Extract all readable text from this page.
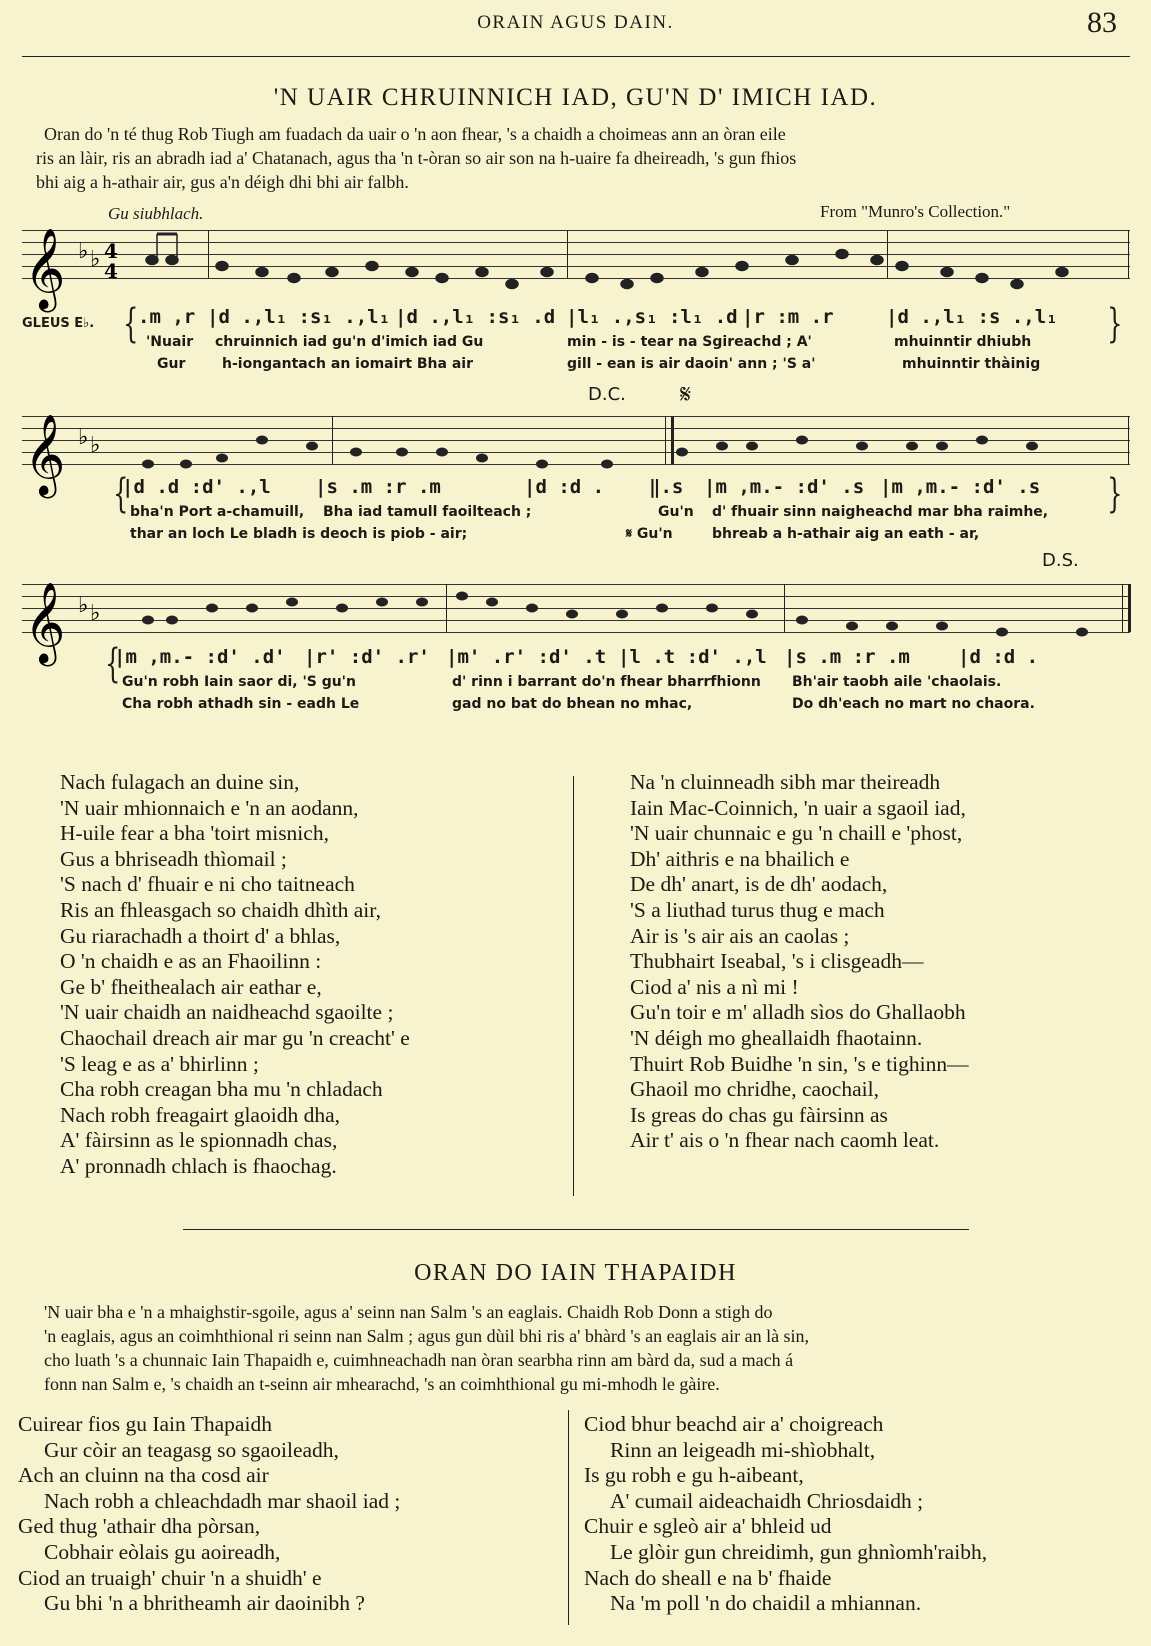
ORAIN AGUS DAIN.	83
'N UAIR CHRUINNICH IAD, GU'N D' IMICH IAD.
Oran do 'n té thug Rob Tiugh am fuadach da uair o 'n aon fhear, 's a chaidh a choimeas ann an òran eile
ris an làir, ris an abradh iad a' Chatanach, agus tha 'n t-òran so air son na h-uaire fa dheireadh, 's gun fhios
bhi aig a h-athair air, gus a'n déigh dhi bhi air falbh.
Gu siubhlach.	From "Munro's Collection."
𝄞 ♭ ♭ 4
4
GLEUS E♭. { .m ,r |d .,l₁ :s₁ .,l₁ |d .,l₁ :s₁ .d |l₁ .,s₁ :l₁ .d |r :m .r	|d .,l₁ :s .,l₁ }
'Nuair chruinnich iad gu'n d'imich iad Gu	min - is - tear na Sgireachd ; A'	mhuinntir dhiubh
Gur	h-iongantach an iomairt Bha air	gill - ean is air daoin' ann ; 'S a'	mhuinntir thàinig
D.C. 𝄋
𝄞 ♭ ♭
{
|d .d :d' .,l |s .m :r .m	|d :d . ‖.s |m ,m.- :d' .s |m ,m.- :d' .s }
bha'n Port a-chamuill, Bha iad tamull faoilteach ;	Gu'n d' fhuair sinn naigheachd mar bha raimhe,
thar an loch Le bladh is deoch is piob - air;	𝄋 Gu'n	bhreab a h-athair aig an eath - ar,
D.S.
𝄞 ♭ ♭
{
|m ,m.- :d' .d' |r' :d' .r' |m' .r' :d' .t |l .t :d' .,l |s .m :r .m	|d :d .
Gu'n robh Iain saor di, 'S gu'n	d' rinn i barrant do'n fhear bharrfhionn Bh'air taobh aile 'chaolais.
Cha robh athadh sin - eadh Le	gad no bat do bhean no mhac,	Do dh'each no mart no chaora.
Nach fulagach an duine sin,
'N uair mhionnaich e 'n an aodann,
H-uile fear a bha 'toirt misnich,
Gus a bhriseadh thìomail ;
'S nach d' fhuair e ni cho taitneach
Ris an fhleasgach so chaidh dhìth air,
Gu riarachadh a thoirt d' a bhlas,
O 'n chaidh e as an Fhaoilinn :
Ge b' fheithealach air eathar e,
'N uair chaidh an naidheachd sgaoilte ;
Chaochail dreach air mar gu 'n creacht' e
'S leag e as a' bhirlinn ;
Cha robh creagan bha mu 'n chladach
Nach robh freagairt glaoidh dha,
A' fàirsinn as le spionnadh chas,
A' pronnadh chlach is fhaochag.
Na 'n cluinneadh sibh mar theireadh
Iain Mac-Coinnich, 'n uair a sgaoil iad,
'N uair chunnaic e gu 'n chaill e 'phost,
Dh' aithris e na bhailich e
De dh' anart, is de dh' aodach,
'S a liuthad turus thug e mach
Air is 's air ais an caolas ;
Thubhairt Iseabal, 's i clisgeadh—
Ciod a' nis a nì mi !
Gu'n toir e m' alladh sìos do Ghallaobh
'N déigh mo gheallaidh fhaotainn.
Thuirt Rob Buidhe 'n sin, 's e tighinn—
Ghaoil mo chridhe, caochail,
Is greas do chas gu fàirsinn as
Air t' ais o 'n fhear nach caomh leat.
ORAN DO IAIN THAPAIDH
'N uair bha e 'n a mhaighstir-sgoile, agus a' seinn nan Salm 's an eaglais. Chaidh Rob Donn a stigh do
'n eaglais, agus an coimhthional ri seinn nan Salm ; agus gun dùil bhi ris a' bhàrd 's an eaglais air an là sin,
cho luath 's a chunnaic Iain Thapaidh e, cuimhneachadh nan òran searbha rinn am bàrd da, sud a mach á
fonn nan Salm e, 's chaidh an t-seinn air mhearachd, 's an coimhthional gu mi-mhodh le gàire.
Cuirear fios gu Iain Thapaidh
Gur còir an teagasg so sgaoileadh,
Ach an cluinn na tha cosd air
Nach robh a chleachdadh mar shaoil iad ;
Ged thug 'athair dha pòrsan,
Cobhair eòlais gu aoireadh,
Ciod an truaigh' chuir 'n a shuidh' e
Gu bhi 'n a bhritheamh air daoinibh ?
Ciod bhur beachd air a' choigreach
Rinn an leigeadh mi-shìobhalt,
Is gu robh e gu h-aibeant,
A' cumail aideachaidh Chriosdaidh ;
Chuir e sgleò air a' bhleid ud
Le glòir gun chreidimh, gun ghnìomh'raibh,
Nach do sheall e na b' fhaide
Na 'm poll 'n do chaidil a mhiannan.
